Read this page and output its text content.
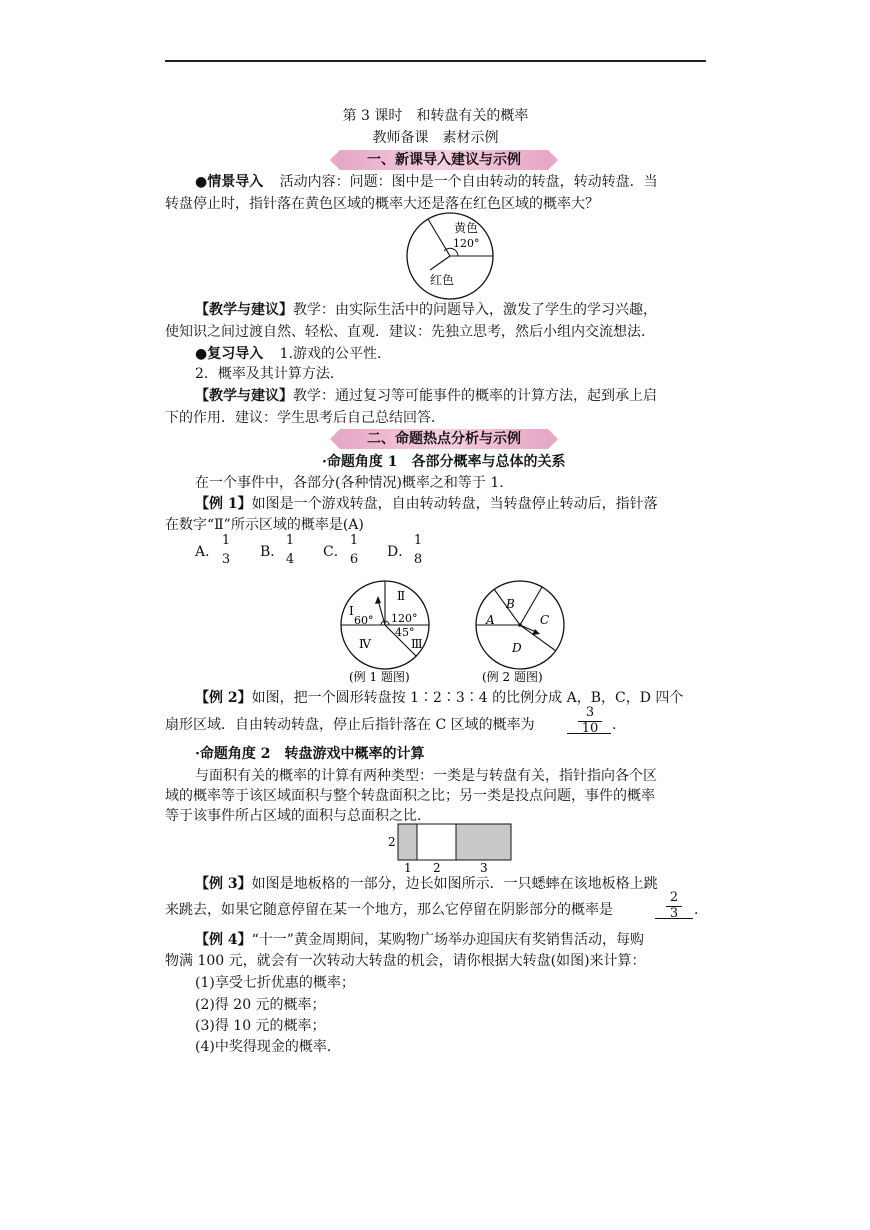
第 3 课时　和转盘有关的概率
教师备课　素材示例
一、新课导入建议与示例
●情景导入 活动内容：问题：图中是一个自由转动的转盘，转动转盘．当
转盘停止时，指针落在黄色区域的概率大还是落在红色区域的概率大？
黄色
120°
红色
【教学与建议】教学：由实际生活中的问题导入，激发了学生的学习兴趣，
使知识之间过渡自然、轻松、直观．建议：先独立思考，然后小组内交流想法．
●复习导入 1.游戏的公平性．
2．概率及其计算方法．
【教学与建议】教学：通过复习等可能事件的概率的计算方法，起到承上启
下的作用．建议：学生思考后自己总结回答．
二、命题热点分析与示例
·命题角度 1　各部分概率与总体的关系
在一个事件中，各部分(各种情况)概率之和等于 1.
【例 1】如图是一个游戏转盘，自由转动转盘，当转盘停止转动后，指针落
在数字“Ⅱ”所示区域的概率是(A)
A．
1
3 B．
1
4 C．
1
6 D．
1
8
Ⅰ
Ⅱ
Ⅲ
Ⅳ
60° 120°
45°
(例 1 题图)
B
A	C
D
(例 2 题图)
【例 2】如图，把一个圆形转盘按 1∶2∶3∶4 的比例分成 A，B，C，D 四个
扇形区域．自由转动转盘，停止后指针落在 C 区域的概率为	$\frac{3}{10}$ ．
·命题角度 2　转盘游戏中概率的计算
与面积有关的概率的计算有两种类型：一类是与转盘有关，指针指向各个区
域的概率等于该区域面积与整个转盘面积之比；另一类是投点问题，事件的概率
等于该事件所占区域的面积与总面积之比．
2
1 2	3
【例 3】如图是地板格的一部分，边长如图所示．一只蟋蟀在该地板格上跳
来跳去，如果它随意停留在某一个地方，那么它停留在阴影部分的概率是	$\frac{2}{3}$ ．
【例 4】“十一”黄金周期间，某购物广场举办迎国庆有奖销售活动，每购
物满 100 元，就会有一次转动大转盘的机会，请你根据大转盘(如图)来计算：
(1)享受七折优惠的概率；
(2)得 20 元的概率；
(3)得 10 元的概率；
(4)中奖得现金的概率．
